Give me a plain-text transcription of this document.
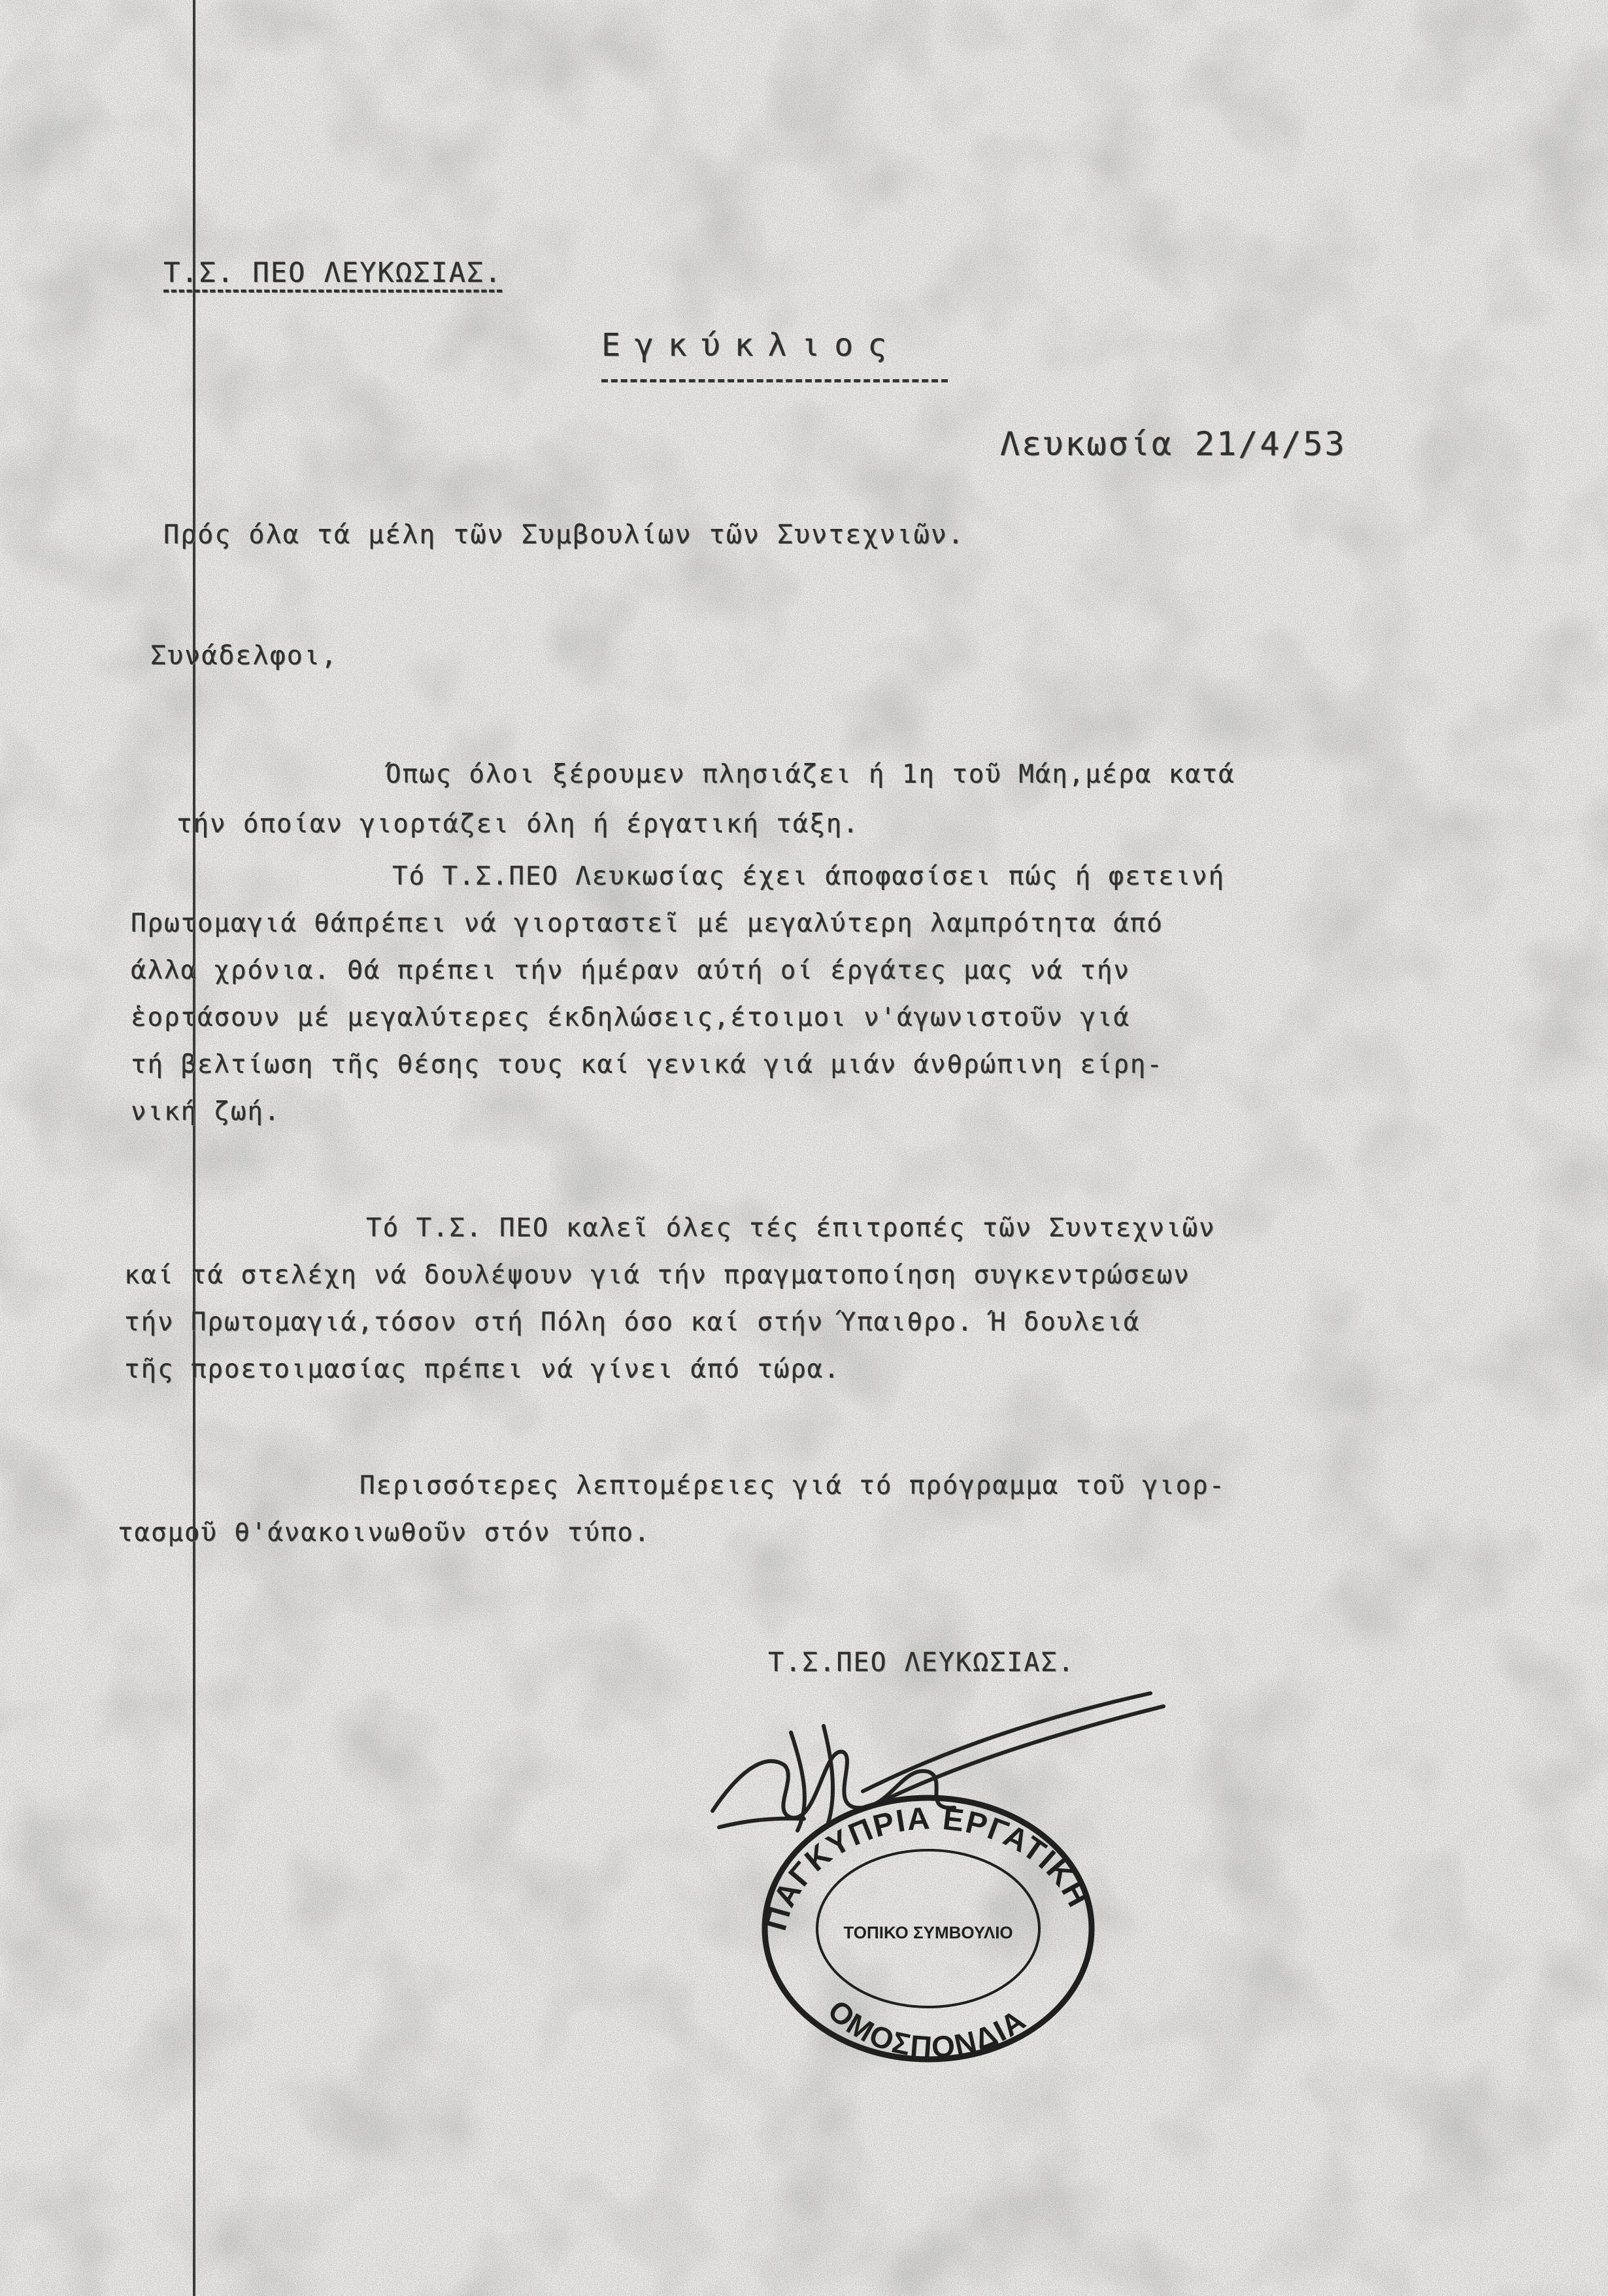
Τ.Σ. ΠΕΟ ΛΕΥΚΩΣΙΑΣ.
Εγκύκλιος
Λευκωσία 21/4/53
Πρός όλα τά μέλη τῶν Συμβουλίων τῶν Συντεχνιῶν.
Συνάδελφοι,
Όπως όλοι ξέρουμεν πλησιάζει ή 1η τοῦ Μάη,μέρα κατά
τήν όποίαν γιορτάζει όλη ή έργατική τάξη.
Τό Τ.Σ.ΠΕΟ Λευκωσίας έχει άποφασίσει πώς ή φετεινή
Πρωτομαγιά θάπρέπει νά γιορταστεῖ μέ μεγαλύτερη λαμπρότητα άπό
άλλα χρόνια. Θά πρέπει τήν ήμέραν αύτή οί έργάτες μας νά τήν
ἑορτάσουν μέ μεγαλύτερες έκδηλώσεις,έτοιμοι ν'άγωνιστοῦν γιά
τή βελτίωση τῆς θέσης τους καί γενικά γιά μιάν άνθρώπινη είρη-
νική ζωή.
Τό Τ.Σ. ΠΕΟ καλεῖ όλες τές έπιτροπές τῶν Συντεχνιῶν
καί τά στελέχη νά δουλέψουν γιά τήν πραγματοποίηση συγκεντρώσεων
τήν Πρωτομαγιά,τόσον στή Πόλη όσο καί στήν Ύπαιθρο. Ή δουλειά
τῆς προετοιμασίας πρέπει νά γίνει άπό τώρα.
Περισσότερες λεπτομέρειες γιά τό πρόγραμμα τοῦ γιορ-
τασμοῦ θ'άνακοινωθοῦν στόν τύπο.
Τ.Σ.ΠΕΟ ΛΕΥΚΩΣΙΑΣ.
ΠΑΓΚΥΠΡΙΑ ΕΡΓΑΤΙΚΗ
ΤΟΠΙΚΟ ΣΥΜΒΟΥΛΙΟ
ΟΜΟΣΠΟΝΔΙΑ
